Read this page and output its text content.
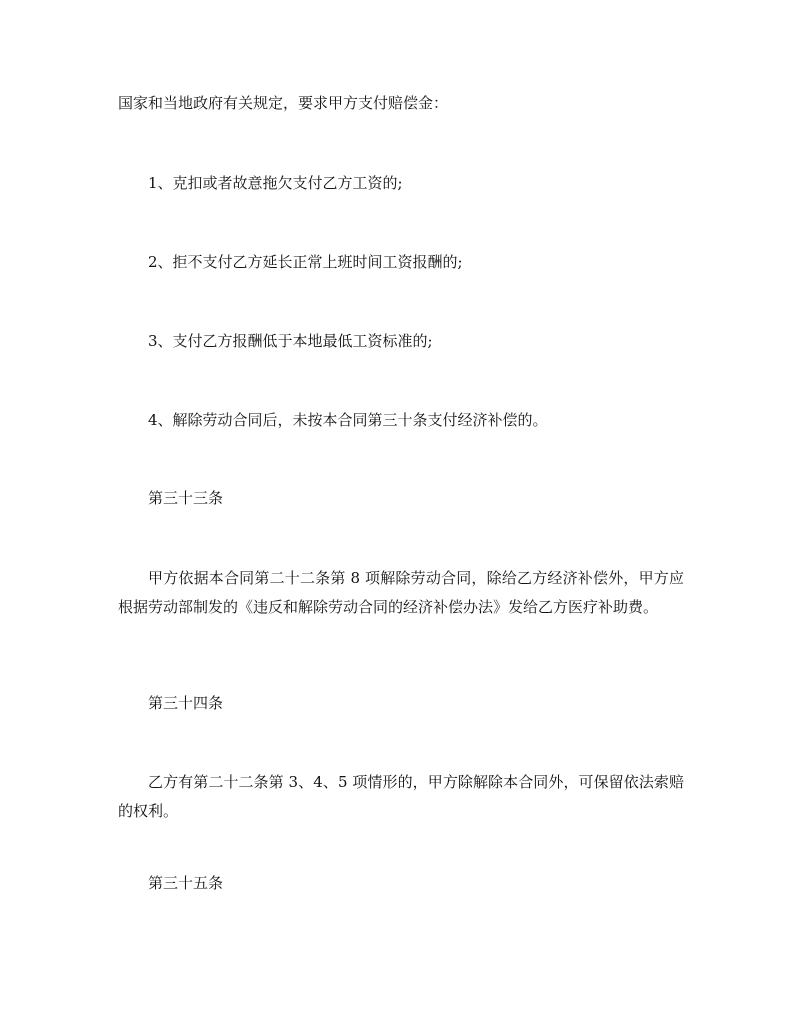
国家和当地政府有关规定，要求甲方支付赔偿金：

1、克扣或者故意拖欠支付乙方工资的;

2、拒不支付乙方延长正常上班时间工资报酬的;

3、支付乙方报酬低于本地最低工资标准的;

4、解除劳动合同后，未按本合同第三十条支付经济补偿的。

第三十三条

甲方依据本合同第二十二条第 8 项解除劳动合同，除给乙方经济补偿外，甲方应根据劳动部制发的《违反和解除劳动合同的经济补偿办法》发给乙方医疗补助费。

第三十四条

乙方有第二十二条第 3、4、5 项情形的，甲方除解除本合同外，可保留依法索赔的权利。

第三十五条
